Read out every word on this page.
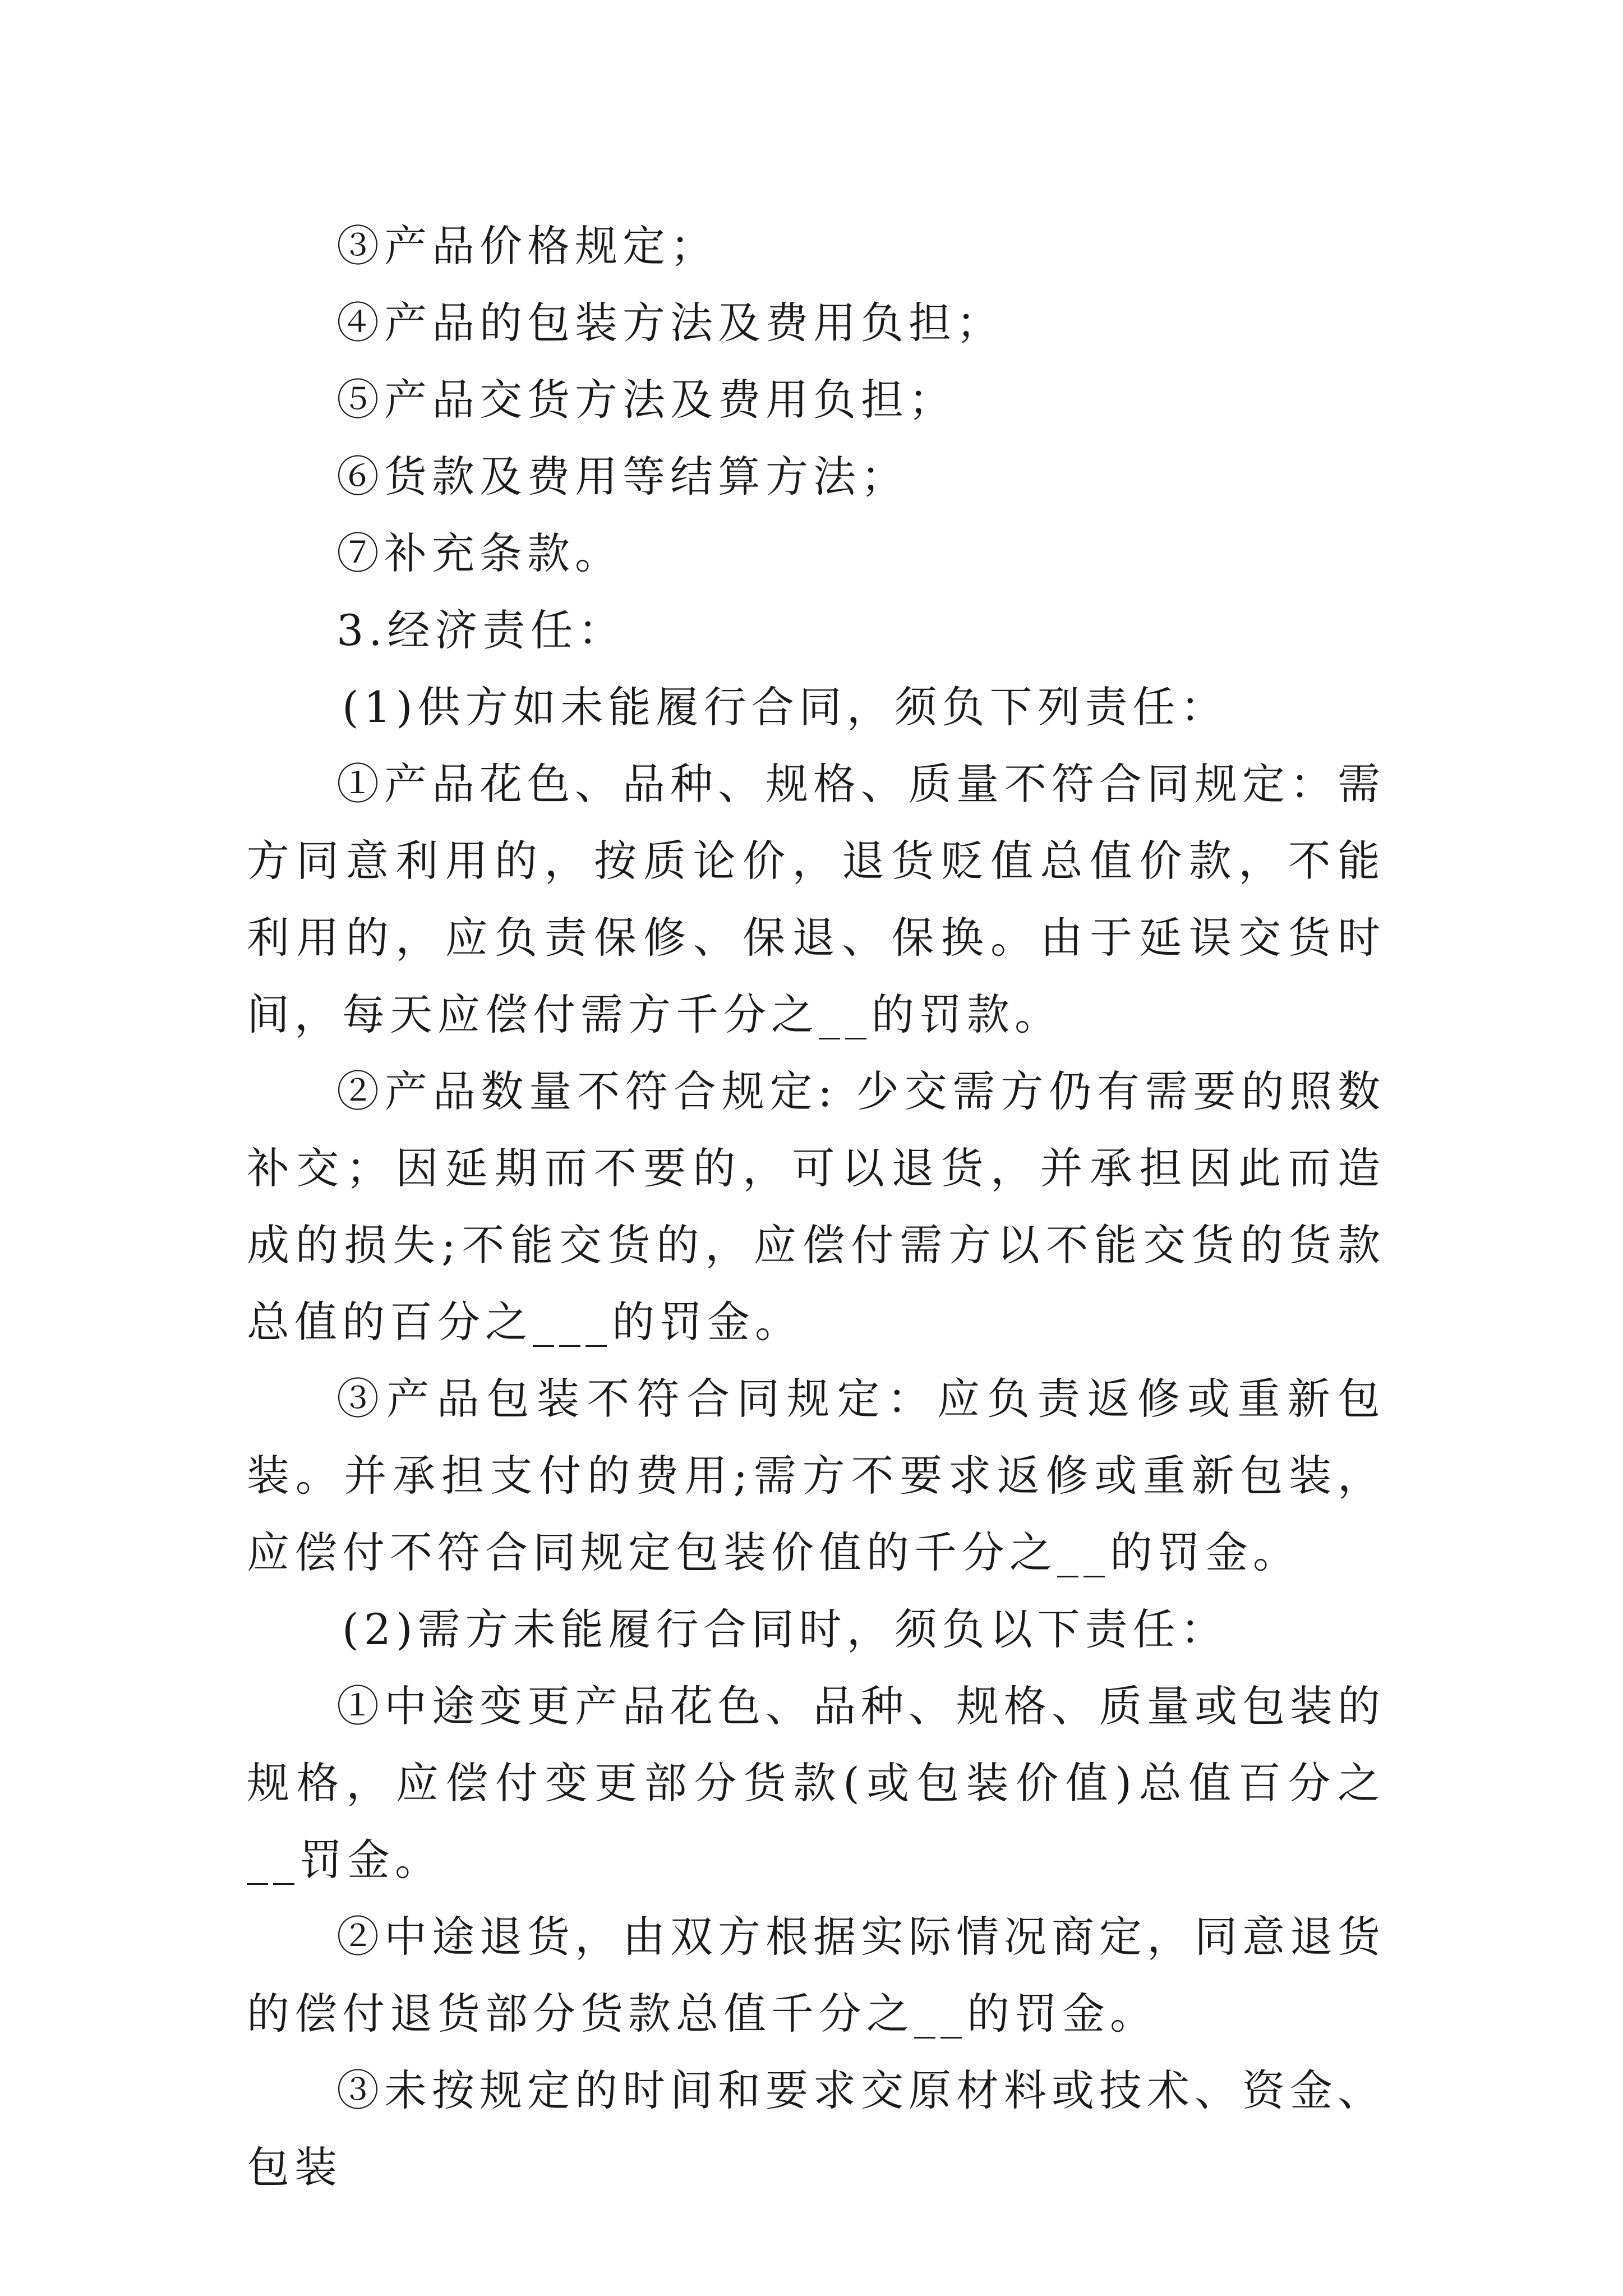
③产品价格规定；

④产品的包装方法及费用负担；

⑤产品交货方法及费用负担；

⑥货款及费用等结算方法；

⑦补充条款。

3.经济责任：

(1)供方如未能履行合同，须负下列责任：

①产品花色、品种、规格、质量不符合同规定：需方同意利用的，按质论价，退货贬值总值价款，不能利用的，应负责保修、保退、保换。由于延误交货时间，每天应偿付需方千分之__的罚款。

②产品数量不符合规定: 少交需方仍有需要的照数补交；因延期而不要的，可以退货，并承担因此而造成的损失;不能交货的，应偿付需方以不能交货的货款总值的百分之___的罚金。

③产品包装不符合同规定：应负责返修或重新包装。并承担支付的费用;需方不要求返修或重新包装，应偿付不符合同规定包装价值的千分之__的罚金。

(2)需方未能履行合同时，须负以下责任：

①中途变更产品花色、品种、规格、质量或包装的规格，应偿付变更部分货款(或包装价值)总值百分之__罚金。

②中途退货，由双方根据实际情况商定，同意退货的偿付退货部分货款总值千分之__的罚金。

③未按规定的时间和要求交原材料或技术、资金、包装
